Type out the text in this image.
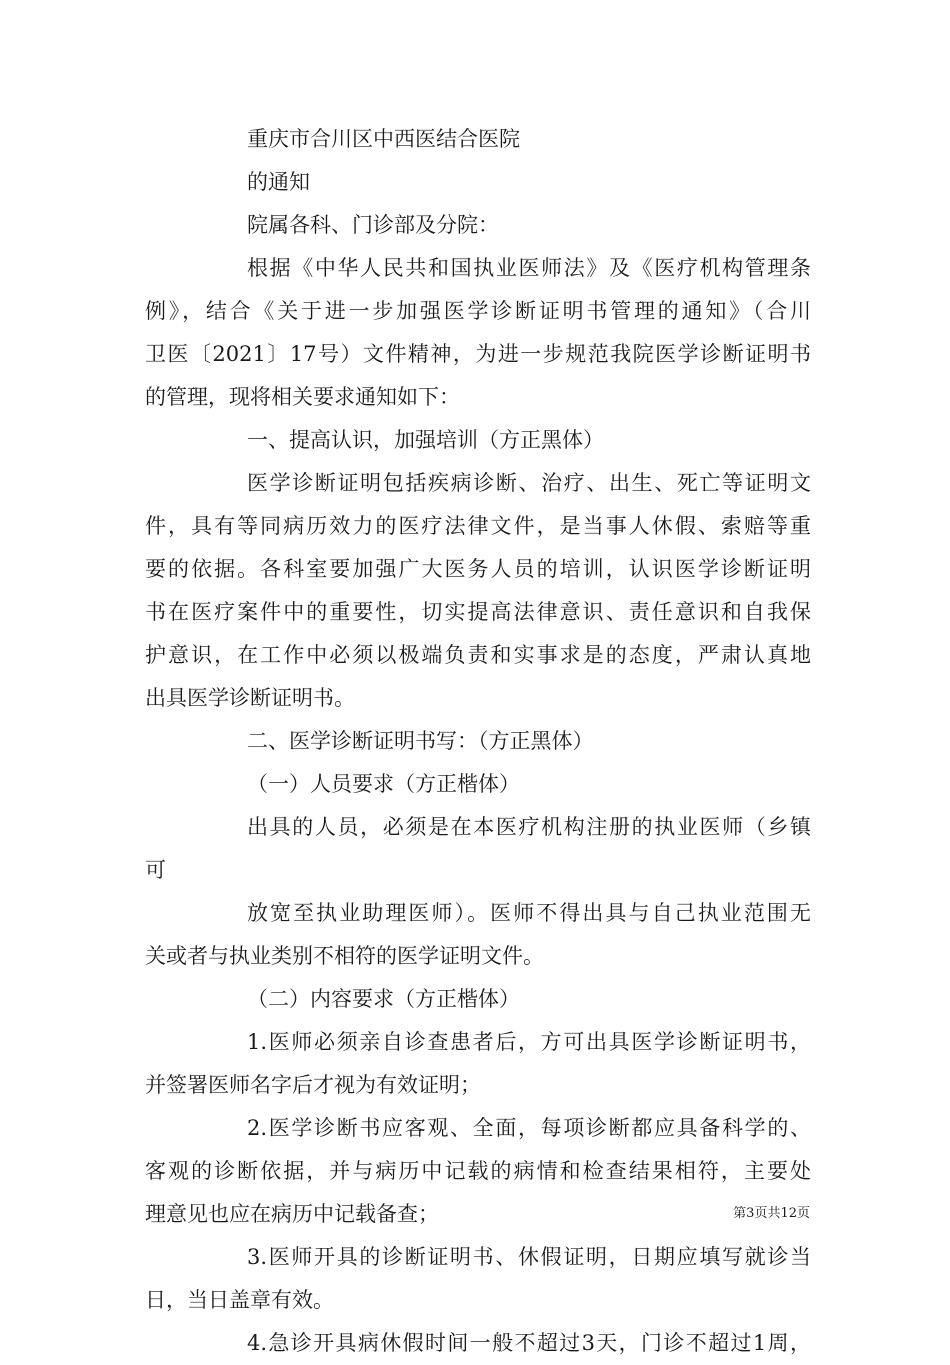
重庆市合川区中西医结合医院

的通知

院属各科、门诊部及分院：

根据《中华人民共和国执业医师法》及《医疗机构管理条

例》，结合《关于进一步加强医学诊断证明书管理的通知》（合川

卫医〔2021〕17号）文件精神，为进一步规范我院医学诊断证明书

的管理，现将相关要求通知如下：

一、提高认识，加强培训（方正黑体）

医学诊断证明包括疾病诊断、治疗、出生、死亡等证明文

件，具有等同病历效力的医疗法律文件，是当事人休假、索赔等重

要的依据。各科室要加强广大医务人员的培训，认识医学诊断证明

书在医疗案件中的重要性，切实提高法律意识、责任意识和自我保

护意识，在工作中必须以极端负责和实事求是的态度，严肃认真地

出具医学诊断证明书。

二、医学诊断证明书写：（方正黑体）

（一）人员要求（方正楷体）

出具的人员，必须是在本医疗机构注册的执业医师（乡镇

可

放宽至执业助理医师）。医师不得出具与自己执业范围无

关或者与执业类别不相符的医学证明文件。

（二）内容要求（方正楷体）

1.医师必须亲自诊查患者后，方可出具医学诊断证明书，

并签署医师名字后才视为有效证明；

2.医学诊断书应客观、全面，每项诊断都应具备科学的、

客观的诊断依据，并与病历中记载的病情和检查结果相符，主要处

理意见也应在病历中记载备查；

3.医师开具的诊断证明书、休假证明，日期应填写就诊当

日，当日盖章有效。

4.急诊开具病休假时间一般不超过3天，门诊不超过1周，

第3页共12页
